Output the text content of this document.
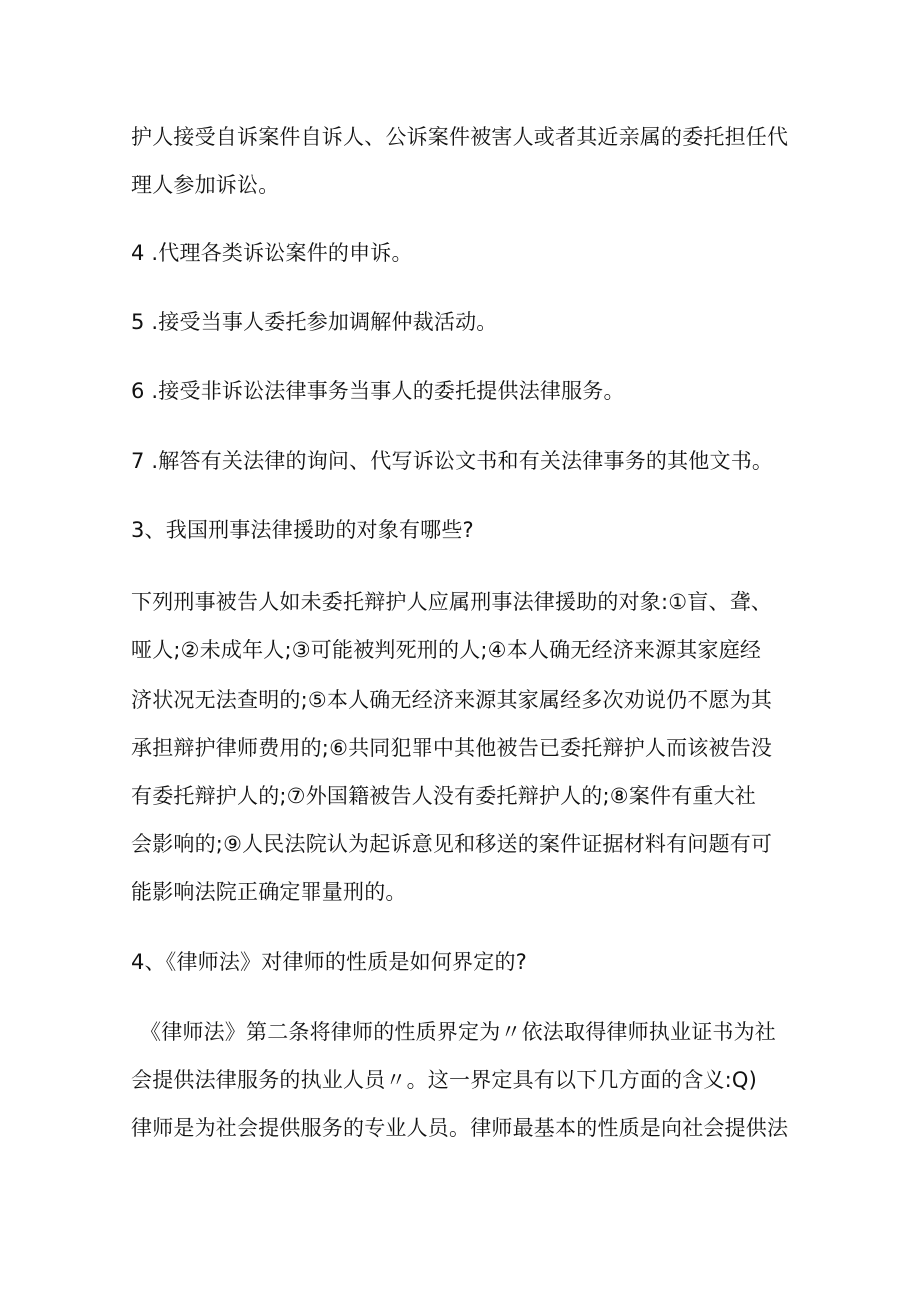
护人接受自诉案件自诉人、公诉案件被害人或者其近亲属的委托担任代
理人参加诉讼。
4 .代理各类诉讼案件的申诉。
5 .接受当事人委托参加调解仲裁活动。
6 .接受非诉讼法律事务当事人的委托提供法律服务。
7 .解答有关法律的询问、代写诉讼文书和有关法律事务的其他文书。
3、我国刑事法律援助的对象有哪些?
下列刑事被告人如未委托辩护人应属刑事法律援助的对象:①盲、聋、
哑人;②未成年人;③可能被判死刑的人;④本人确无经济来源其家庭经
济状况无法查明的;⑤本人确无经济来源其家属经多次劝说仍不愿为其
承担辩护律师费用的;⑥共同犯罪中其他被告已委托辩护人而该被告没
有委托辩护人的;⑦外国籍被告人没有委托辩护人的;⑧案件有重大社
会影响的;⑨人民法院认为起诉意见和移送的案件证据材料有问题有可
能影响法院正确定罪量刑的。
4、《律师法》对律师的性质是如何界定的?
《律师法》第二条将律师的性质界定为〃依法取得律师执业证书为社
会提供法律服务的执业人员〃。这一界定具有以下几方面的含义:Q)
律师是为社会提供服务的专业人员。律师最基本的性质是向社会提供法
